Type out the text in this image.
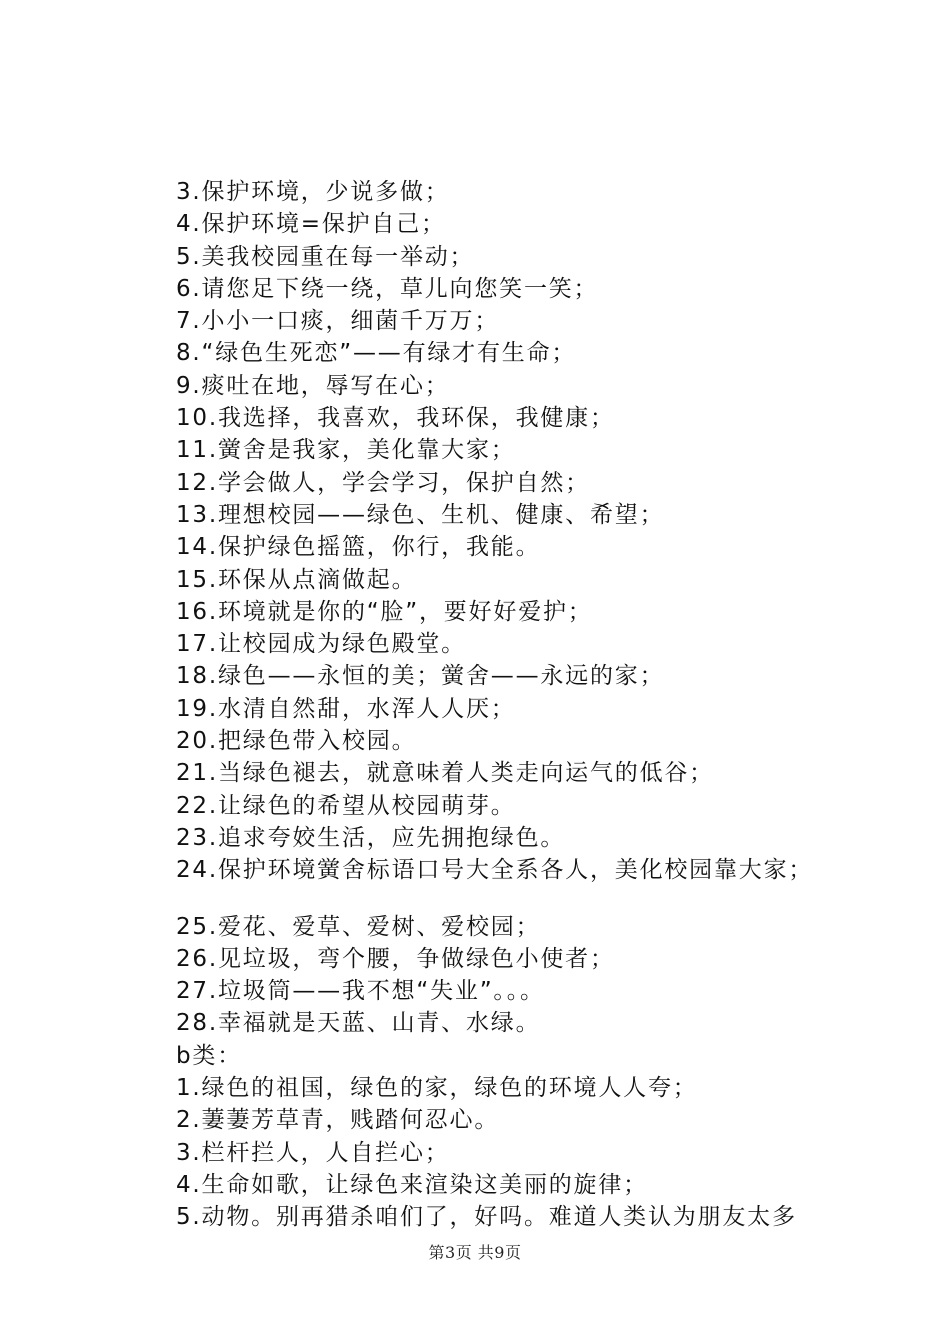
3.保护环境，少说多做；
4.保护环境=保护自己；
5.美我校园重在每一举动；
6.请您足下绕一绕，草儿向您笑一笑；
7.小小一口痰，细菌千万万；
8.“绿色生死恋”——有绿才有生命；
9.痰吐在地，辱写在心；
10.我选择，我喜欢，我环保，我健康；
11.黉舍是我家，美化靠大家；
12.学会做人，学会学习，保护自然；
13.理想校园——绿色、生机、健康、希望；
14.保护绿色摇篮，你行，我能。
15.环保从点滴做起。
16.环境就是你的“脸”，要好好爱护；
17.让校园成为绿色殿堂。
18.绿色——永恒的美；黉舍——永远的家；
19.水清自然甜，水浑人人厌；
20.把绿色带入校园。
21.当绿色褪去，就意味着人类走向运气的低谷；
22.让绿色的希望从校园萌芽。
23.追求夸姣生活，应先拥抱绿色。
24.保护环境黉舍标语口号大全系各人，美化校园靠大家；
25.爱花、爱草、爱树、爱校园；
26.见垃圾，弯个腰，争做绿色小使者；
27.垃圾筒——我不想“失业”。。。
28.幸福就是天蓝、山青、水绿。
b类：
1.绿色的祖国，绿色的家，绿色的环境人人夸；
2.萋萋芳草青，贱踏何忍心。
3.栏杆拦人，人自拦心；
4.生命如歌，让绿色来渲染这美丽的旋律；
5.动物。别再猎杀咱们了，好吗。难道人类认为朋友太多
第3页 共9页
